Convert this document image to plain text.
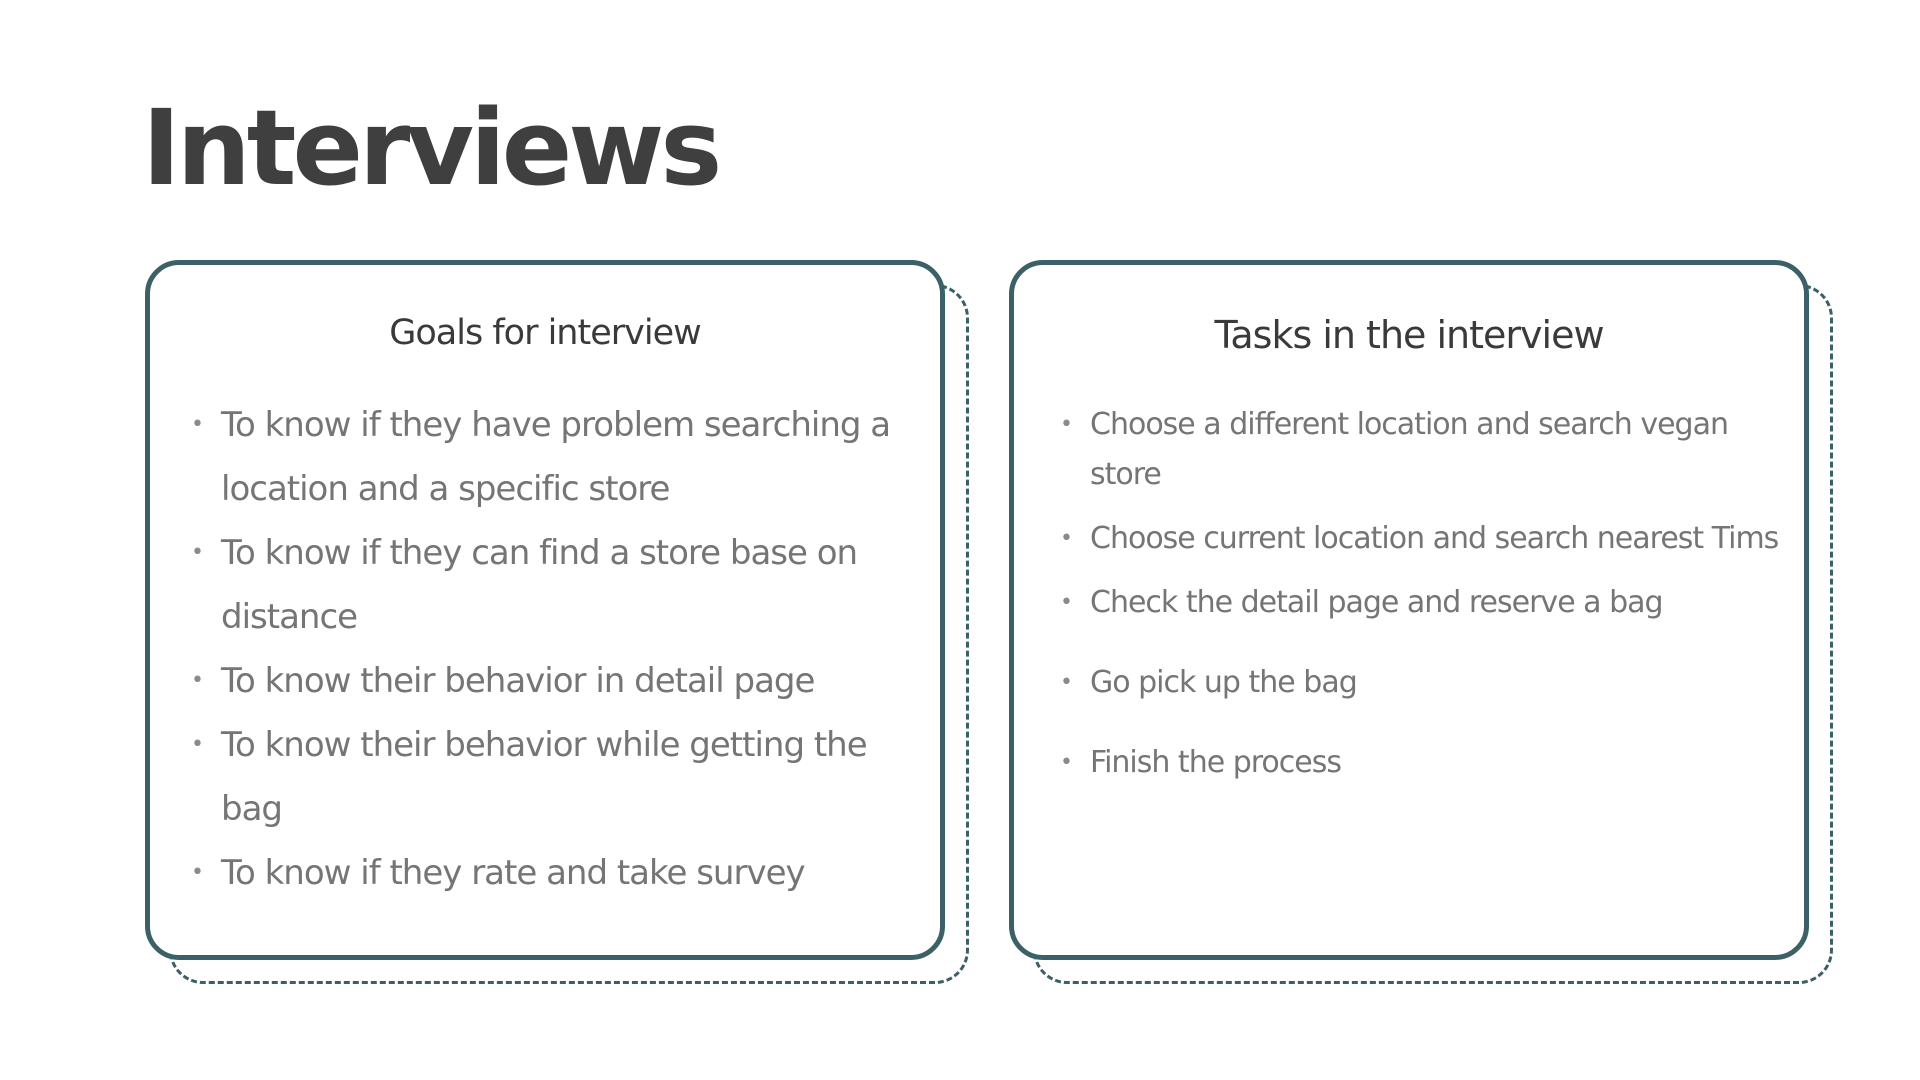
Interviews
Goals for interview
• To know if they have problem searching a location and a specific store
• To know if they can find a store base on distance
• To know their behavior in detail page
• To know their behavior while getting the bag
• To know if they rate and take survey
Tasks in the interview
• Choose a different location and search vegan store
• Choose current location and search nearest Tims
• Check the detail page and reserve a bag
• Go pick up the bag
• Finish the process
